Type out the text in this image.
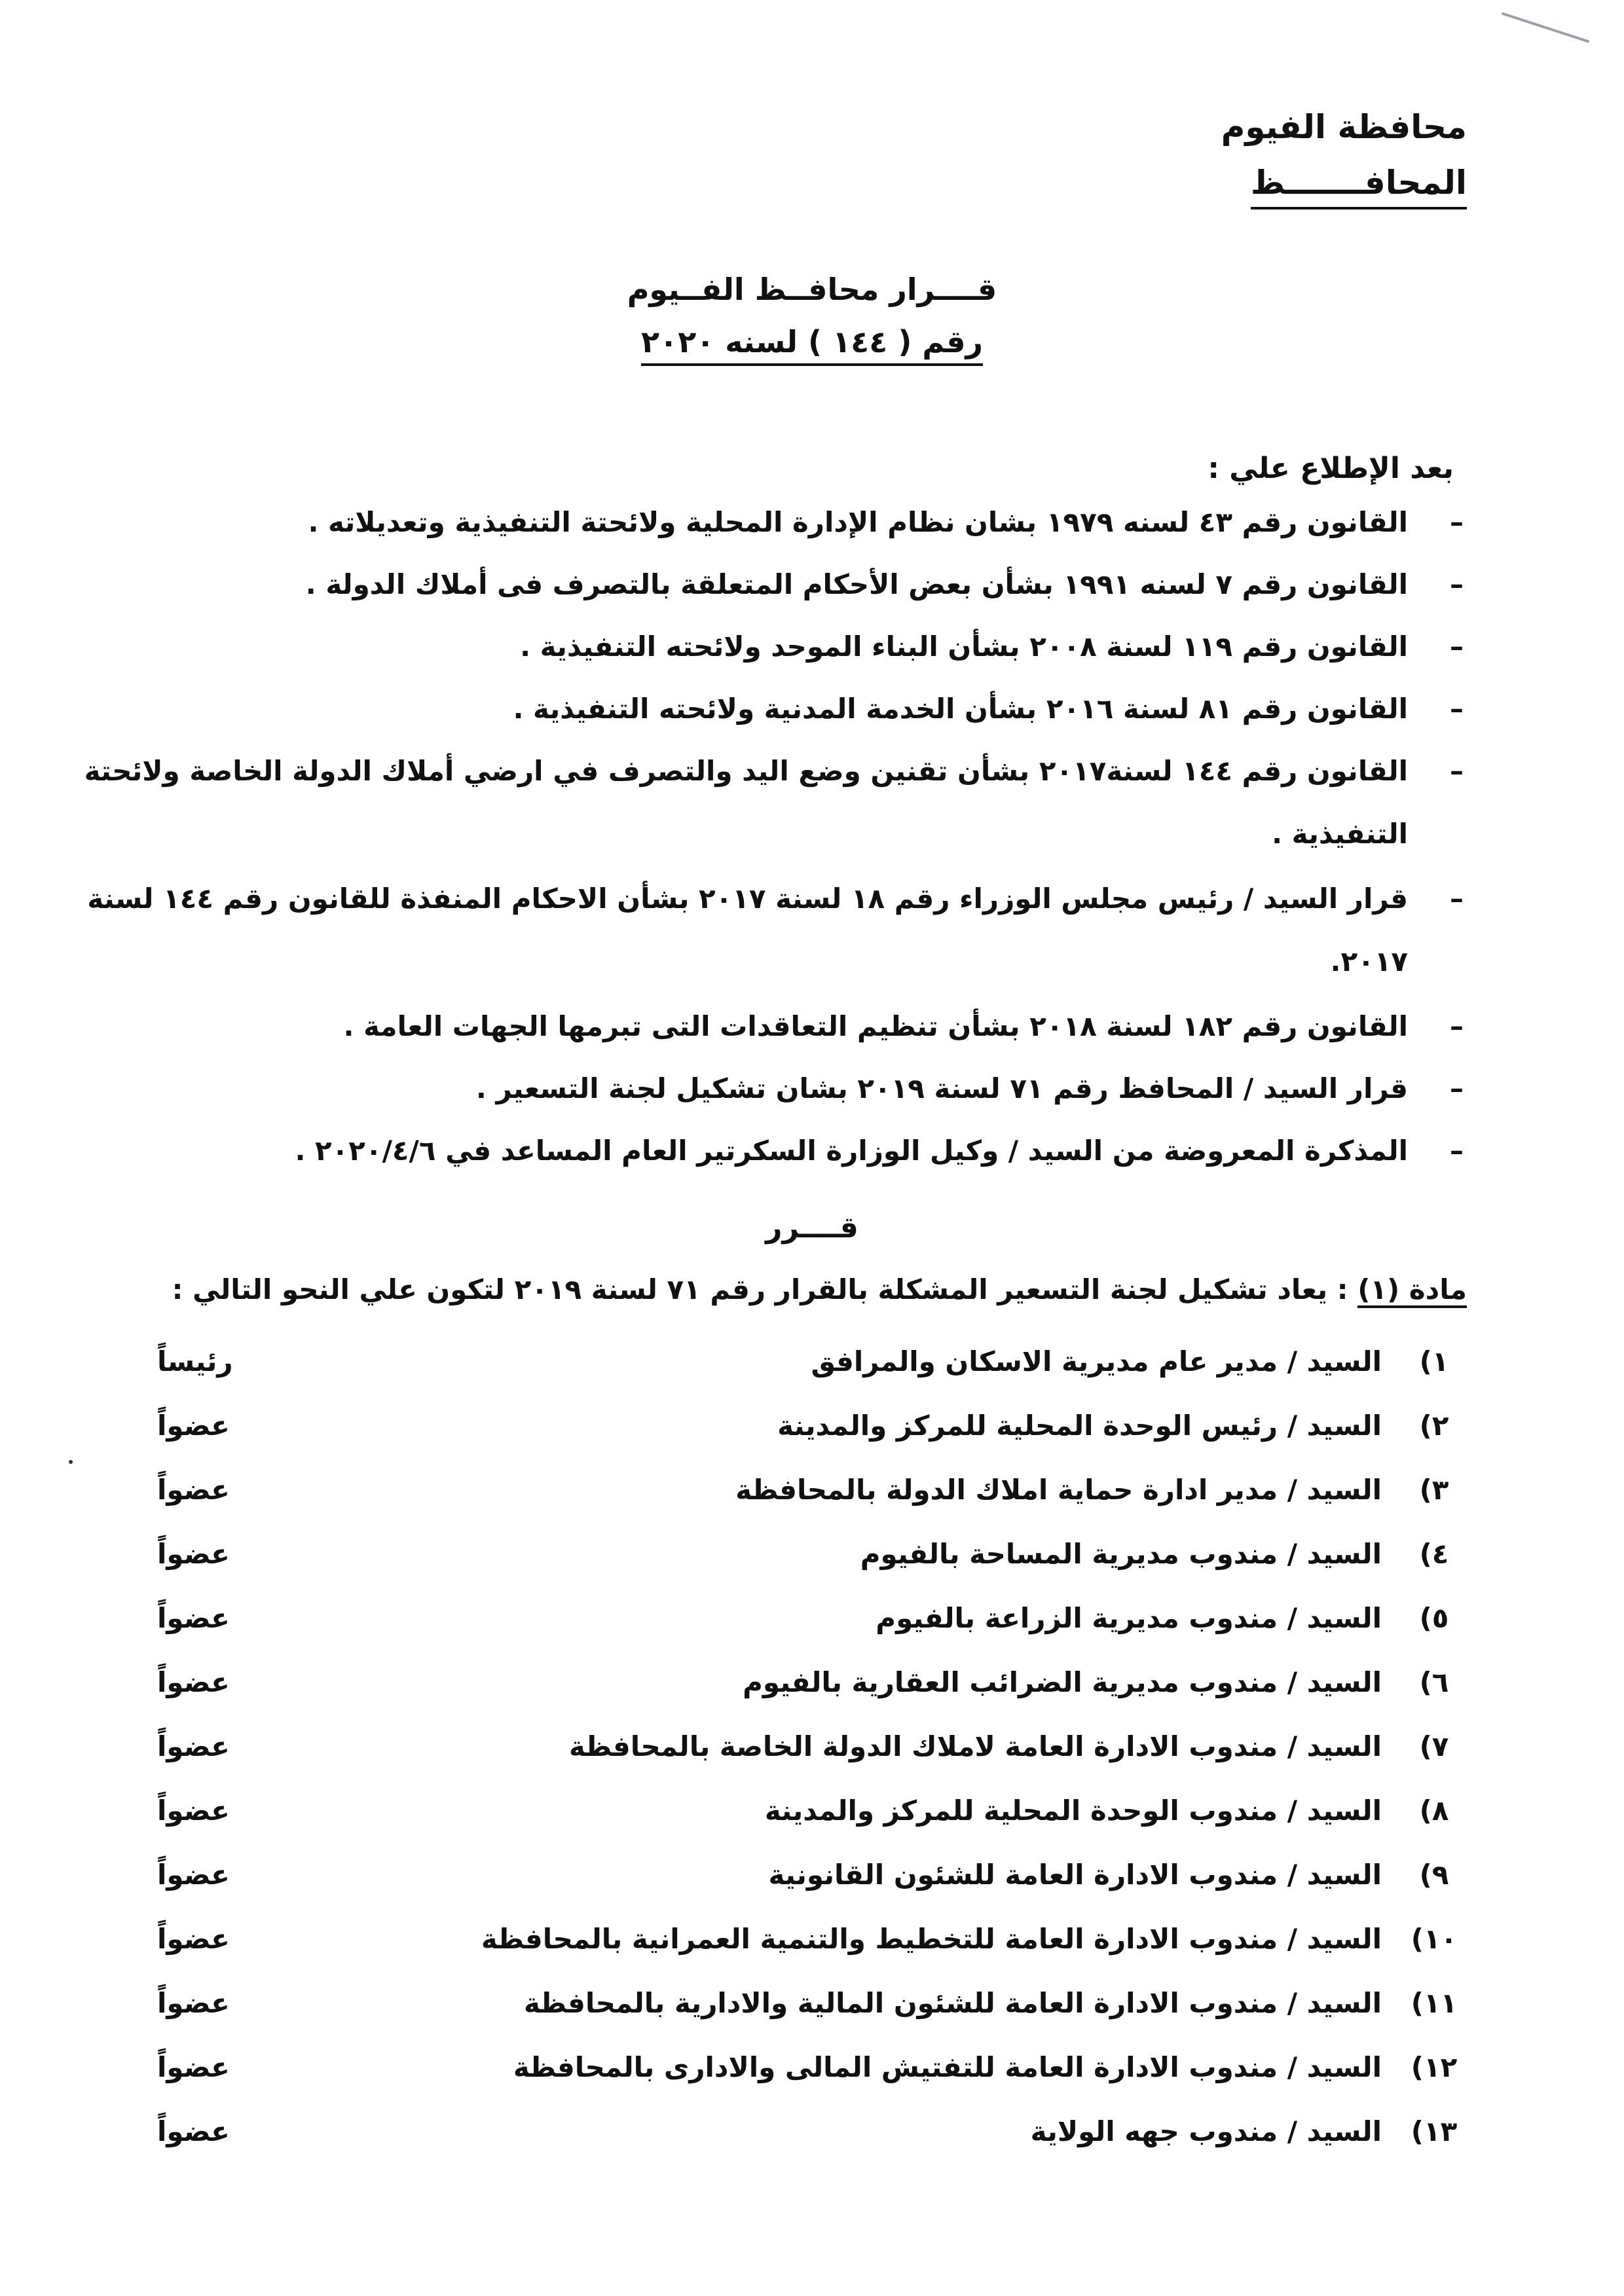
محافظة الفيوم
المحافـــــــظ
قــــرار محافــظ الفــيوم
رقم ( ١٤٤ ) لسنه ٢٠٢٠
بعد الإطلاع علي :
–
القانون رقم ٤٣ لسنه ١٩٧٩ بشان نظام الإدارة المحلية ولائحتة التنفيذية وتعديلاته .
–
القانون رقم ٧ لسنه ١٩٩١ بشأن بعض الأحكام المتعلقة بالتصرف فى أملاك الدولة .
–
القانون رقم ١١٩ لسنة ٢٠٠٨ بشأن البناء الموحد ولائحته التنفيذية .
–
القانون رقم ٨١ لسنة ٢٠١٦ بشأن الخدمة المدنية ولائحته التنفيذية .
–
القانون رقم ١٤٤ لسنة٢٠١٧ بشأن تقنين وضع اليد والتصرف في ارضي أملاك الدولة الخاصة ولائحتة التنفيذية .
–
قرار السيد / رئيس مجلس الوزراء رقم ١٨ لسنة ٢٠١٧ بشأن الاحكام المنفذة للقانون رقم ١٤٤ لسنة ٢٠١٧.
–
القانون رقم ١٨٢ لسنة ٢٠١٨ بشأن تنظيم التعاقدات التى تبرمها الجهات العامة .
–
قرار السيد / المحافظ رقم ٧١ لسنة ٢٠١٩ بشان تشكيل لجنة التسعير .
–
المذكرة المعروضة من السيد / وكيل الوزارة السكرتير العام المساعد في ٢٠٢٠/٤/٦ .
قــــرر
مادة (١) : يعاد تشكيل لجنة التسعير المشكلة بالقرار رقم ٧١ لسنة ٢٠١٩ لتكون علي النحو التالي :
١)
السيد / مدير عام مديرية الاسكان والمرافق
رئيساً
٢)
السيد / رئيس الوحدة المحلية للمركز والمدينة
عضواً
٣)
السيد / مدير ادارة حماية املاك الدولة بالمحافظة
عضواً
٤)
السيد / مندوب مديرية المساحة بالفيوم
عضواً
٥)
السيد / مندوب مديرية الزراعة بالفيوم
عضواً
٦)
السيد / مندوب مديرية الضرائب العقارية بالفيوم
عضواً
٧)
السيد / مندوب الادارة العامة لاملاك الدولة الخاصة بالمحافظة
عضواً
٨)
السيد / مندوب الوحدة المحلية للمركز والمدينة
عضواً
٩)
السيد / مندوب الادارة العامة للشئون القانونية
عضواً
١٠)
السيد / مندوب الادارة العامة للتخطيط والتنمية العمرانية بالمحافظة
عضواً
١١)
السيد / مندوب الادارة العامة للشئون المالية والادارية بالمحافظة
عضواً
١٢)
السيد / مندوب الادارة العامة للتفتيش المالى والادارى بالمحافظة
عضواً
١٣)
السيد / مندوب جهه الولاية
عضواً
